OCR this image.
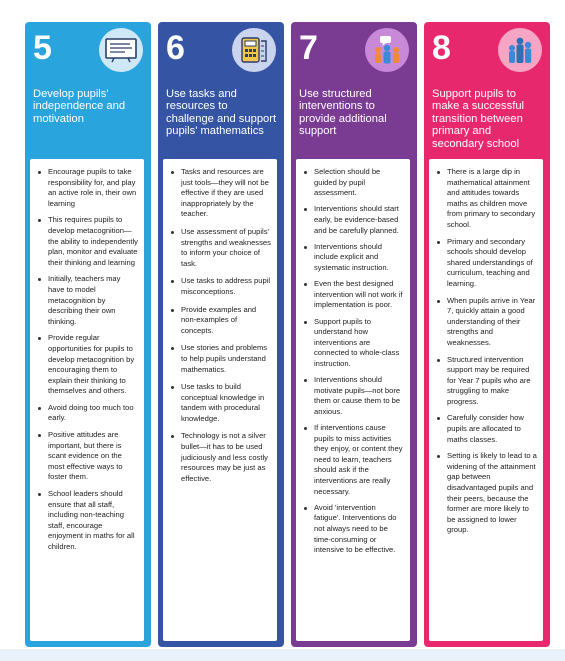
5
Develop pupils' independence and motivation
Encourage pupils to take responsibility for, and play an active role in, their own learning
This requires pupils to develop metacognition—the ability to independently plan, monitor and evaluate their thinking and learning
Initially, teachers may have to model metacognition by describing their own thinking.
Provide regular opportunities for pupils to develop metacognition by encouraging them to explain their thinking to themselves and others.
Avoid doing too much too early.
Positive attitudes are important, but there is scant evidence on the most effective ways to foster them.
School leaders should ensure that all staff, including non-teaching staff, encourage enjoyment in maths for all children.
6
Use tasks and resources to challenge and support pupils' mathematics
Tasks and resources are just tools—they will not be effective if they are used inappropriately by the teacher.
Use assessment of pupils' strengths and weaknesses to inform your choice of task.
Use tasks to address pupil misconceptions.
Provide examples and non-examples of concepts.
Use stories and problems to help pupils understand mathematics.
Use tasks to build conceptual knowledge in tandem with procedural knowledge.
Technology is not a silver bullet—it has to be used judiciously and less costly resources may be just as effective.
7
Use structured interventions to provide additional support
Selection should be guided by pupil assessment.
Interventions should start early, be evidence-based and be carefully planned.
Interventions should include explicit and systematic instruction.
Even the best designed intervention will not work if implementation is poor.
Support pupils to understand how interventions are connected to whole-class instruction.
Interventions should motivate pupils—not bore them or cause them to be anxious.
If interventions cause pupils to miss activities they enjoy, or content they need to learn, teachers should ask if the interventions are really necessary.
Avoid 'intervention fatigue'. Interventions do not always need to be time-consuming or intensive to be effective.
8
Support pupils to make a successful transition between primary and secondary school
There is a large dip in mathematical attainment and attitudes towards maths as children move from primary to secondary school.
Primary and secondary schools should develop shared understandings of curriculum, teaching and learning.
When pupils arrive in Year 7, quickly attain a good understanding of their strengths and weaknesses.
Structured intervention support may be required for Year 7 pupils who are struggling to make progress.
Carefully consider how pupils are allocated to maths classes.
Setting is likely to lead to a widening of the attainment gap between disadvantaged pupils and their peers, because the former are more likely to be assigned to lower group.
